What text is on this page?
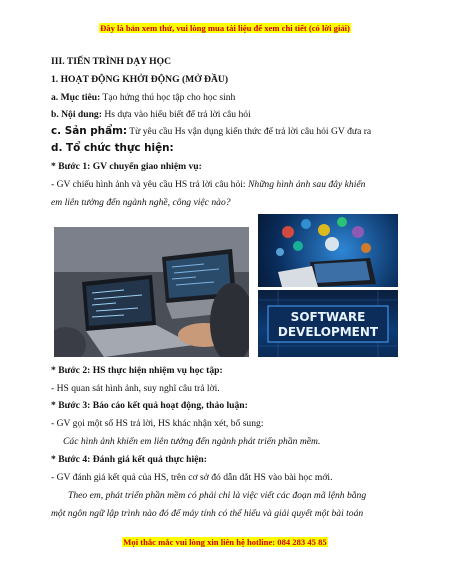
Đây là bản xem thử, vui lòng mua tài liệu để xem chi tiết (có lời giải)
III. TIẾN TRÌNH DẠY HỌC
1. HOẠT ĐỘNG KHỞI ĐỘNG (MỞ ĐẦU)
a. Mục tiêu: Tạo hứng thú học tập cho học sinh
b. Nội dung: Hs dựa vào hiểu biết để trả lời câu hỏi
c. Sản phẩm: Từ yêu cầu Hs vận dụng kiến thức để trả lời câu hỏi GV đưa ra
d. Tổ chức thực hiện:
* Bước 1: GV chuyển giao nhiệm vụ:
- GV chiếu hình ảnh và yêu cầu HS trả lời câu hỏi: Những hình ảnh sau đây khiến
em liên tưởng đến ngành nghề, công việc nào?
SOFTWARE
DEVELOPMENT
* Bước 2: HS thực hiện nhiệm vụ học tập:
- HS quan sát hình ảnh, suy nghĩ câu trả lời.
* Bước 3: Báo cáo kết quả hoạt động, thảo luận:
- GV gọi một số HS trả lời, HS khác nhận xét, bổ sung:
Các hình ảnh khiến em liên tưởng đến ngành phát triển phần mềm.
* Bước 4: Đánh giá kết quả thực hiện:
- GV đánh giá kết quả của HS, trên cơ sở đó dẫn dắt HS vào bài học mới.
Theo em, phát triển phần mềm có phải chỉ là việc viết các đoạn mã lệnh bằng
một ngôn ngữ lập trình nào đó để máy tính có thể hiểu và giải quyết một bài toán
Mọi thắc mắc vui lòng xin liên hệ hotline: 084 283 45 85
